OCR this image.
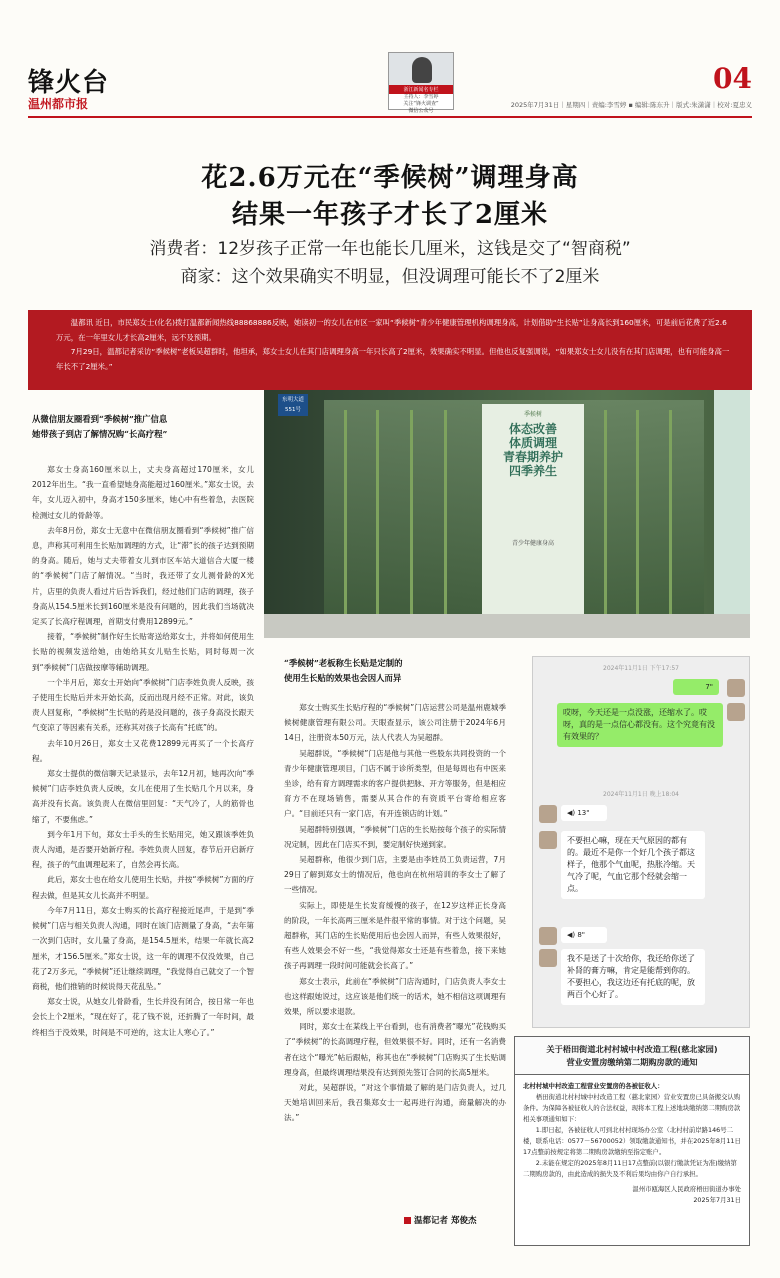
锋火台
温州都市报
浙江新闻名专栏
主持人：李雪婷
关注“锋火调查”
微信公众号
04
2025年7月31日｜星期四｜责编:李雪婷 ▪ 编辑:陈东升｜版式:朱潇潇｜校对:夏忠义
花2.6万元在“季候树”调理身高
结果一年孩子才长了2厘米
消费者：12岁孩子正常一年也能长几厘米，这钱是交了“智商税”
商家：这个效果确实不明显，但没调理可能长不了2厘米

温都讯 近日，市民郑女士(化名)拨打温都新闻热线88868886反映，她读初一的女儿在市区一家叫“季候树”青少年健康管理机构调理身高，计划借助“生长贴”让身高长到160厘米，可是前后花费了近2.6万元，在一年里女儿才长高2厘米，远不及预期。

7月29日，温都记者采访“季候树”老板吴超群时，他坦承，郑女士女儿在其门店调理身高一年只长高了2厘米，效果确实不明显。但他也反复强调说，“如果郑女士女儿没有在其门店调理，也有可能身高一年长不了2厘米。”

东明大道 551号
季候树
体态改善
体质调理
青春期养护
四季养生
青少年健康身高
从微信朋友圈看到“季候树”推广信息
她带孩子到店了解情况购“长高疗程”

郑女士身高160厘米以上，丈夫身高超过170厘米，女儿2012年出生。“我一直希望她身高能超过160厘米。”郑女士说，去年，女儿迈入初中，身高才150多厘米，她心中有些着急，去医院检测过女儿的骨龄等。

去年8月份，郑女士无意中在微信朋友圈看到“季候树”推广信息，声称其可利用生长贴加调理的方式，让“滞”长的孩子达到预期的身高。随后，她与丈夫带着女儿到市区车站大道信合大厦一楼的“季候树”门店了解情况。“当时，我还带了女儿测骨龄的X光片，店里的负责人看过片后告诉我们，经过他们门店的调理，孩子身高从154.5厘米长到160厘米是没有问题的，因此我们当场就决定买了长高疗程调理，首期支付费用12899元。”

接着，“季候树”制作好生长贴寄送给郑女士，并将如何使用生长贴的视频发送给她，由她给其女儿贴生长贴，同时每周一次到“季候树”门店做按摩等辅助调理。

一个半月后，郑女士开始向“季候树”门店李姓负责人反映，孩子使用生长贴后并未开始长高，反而出现月经不正常。对此，该负责人回复称，“季候树”生长贴的药是没问题的，孩子身高没长跟天气变凉了等因素有关系，还称其对孩子长高有“托底”的。

去年10月26日，郑女士又花费12899元再买了一个长高疗程。

郑女士提供的微信聊天记录显示，去年12月初，她再次向“季候树”门店李姓负责人反映，女儿在使用了生长贴几个月以来，身高并没有长高。该负责人在微信里回复：“天气冷了，人的筋骨也缩了，不要焦虑。”

到今年1月下旬，郑女士手头的生长贴用完，她又跟该季姓负责人沟通，是否要开始新疗程。李姓负责人回复，春节后开启新疗程，孩子的气血调理起来了，自然会再长高。

此后，郑女士也在给女儿使用生长贴，并按“季候树”方面的疗程去做，但是其女儿长高并不明显。

今年7月11日，郑女士购买的长高疗程接近尾声，于是到“季候树”门店与相关负责人沟通，同时在该门店测量了身高，“去年第一次到门店时，女儿量了身高，是154.5厘米，结果一年就长高2厘米，才156.5厘米。”郑女士说，这一年的调理不仅没效果，自己花了2万多元，“季候树”还让继续调理，“我觉得自己就交了一个智商税，他们推销的时候说得天花乱坠。”

郑女士说，从她女儿骨龄看，生长并没有闭合，按日常一年也会长上个2厘米，“现在好了，花了钱不说，还折腾了一年时间，最终相当于没效果，时间是不可逆的，这太让人寒心了。”

“季候树”老板称生长贴是定制的
使用生长贴的效果也会因人而异

郑女士购买生长贴疗程的“季候树”门店运营公司是温州鹿城季候树健康管理有限公司。天眼查显示，该公司注册于2024年6月14日，注册资本50万元，法人代表人为吴超群。

吴超群说，“季候树”门店是他与其他一些股东共同投资的一个青少年健康管理项目，门店不属于诊所类型，但是每周也有中医来坐诊，给有育方调理需求的客户提供把脉、开方等服务，但是相应育方不在现场销售，需要从其合作的有资质平台寄给相应客户。“目前还只有一家门店，有开连锁店的计划。”

吴超群特别强调，“季候树”门店的生长贴按每个孩子的实际情况定制，因此在门店买不到，要定制好快递到家。

吴超群称，他很少到门店，主要是由李姓员工负责运营，7月29日了解到郑女士的情况后，他也向在杭州培训的李女士了解了一些情况。

实际上，即使是生长发育缓慢的孩子，在12岁这样正长身高的阶段，一年长高两三厘米是件很平常的事情。对于这个问题，吴超群称，其门店的生长贴使用后也会因人而异，有些人效果很好，有些人效果会不好一些，“我觉得郑女士还是有些着急，接下来她孩子再调理一段时间可能就会长高了。”

郑女士表示，此前在“季候树”门店沟通时，门店负责人李女士也这样跟她说过，这应该是他们统一的话术，她不相信这项调理有效果，所以要求退款。

同时，郑女士在某线上平台看到，也有消费者“曝光”花钱购买了“季候树”的长高调理疗程，但效果很不好。同时，还有一名消费者在这个“曝光”帖后跟帖，称其也在“季候树”门店购买了生长贴调理身高，但最终调理结果没有达到预先签订合同的长高5厘米。

对此，吴超群说，“对这个事情最了解的是门店负责人，过几天她培训回来后，我召集郑女士一起再进行沟通，商量解决的办法。”

温都记者 郑俊杰
2024年11月1日 下午17:57
7"
哎呀，今天还是一点没涨，还缩水了。哎呀，真的是一点信心都没有。这个究竟有没有效果的？
2024年11月1日 晚上18:04
◀) 13"
不要担心嘛，现在天气原因的都有的。最近不是你一个好几个孩子都这样子，他那个气血呢，热胀冷缩。天气冷了呢，气血它那个经就会缩一点。
◀) 8"
我不是送了十次给你，我还给你送了补肾的膏方嘛，肯定是能帮到你的。不要担心，我这边还有托底的呢，放两百个心好了。
关于梧田街道北村村城中村改造工程(慈北家园)
营业安置房缴纳第二期购房款的通知

北村村城中村改造工程营业安置房的各被征收人：

梧田街道北村村城中村改造工程（慈北家园）营业安置房已具备搬交认购条件。为保障各被征收人的合法权益，现将本工程上述地块缴纳第二期购房款相关事项通知如下：

1.即日起，各被征收人可到北村村现场办公室（北村村前岸路146号二楼，联系电话：0577－56700052）领取缴款通知书，并在2025年8月11日17点整前按规定将第二期购房款缴纳至指定账户。

2.未能在规定的2025年8月11日17点整前(以银行缴款凭证为准)缴纳第二期购房款的，由此造成的损失及不利后果均由你户自行承担。

温州市瓯海区人民政府梧田街道办事处

2025年7月31日
